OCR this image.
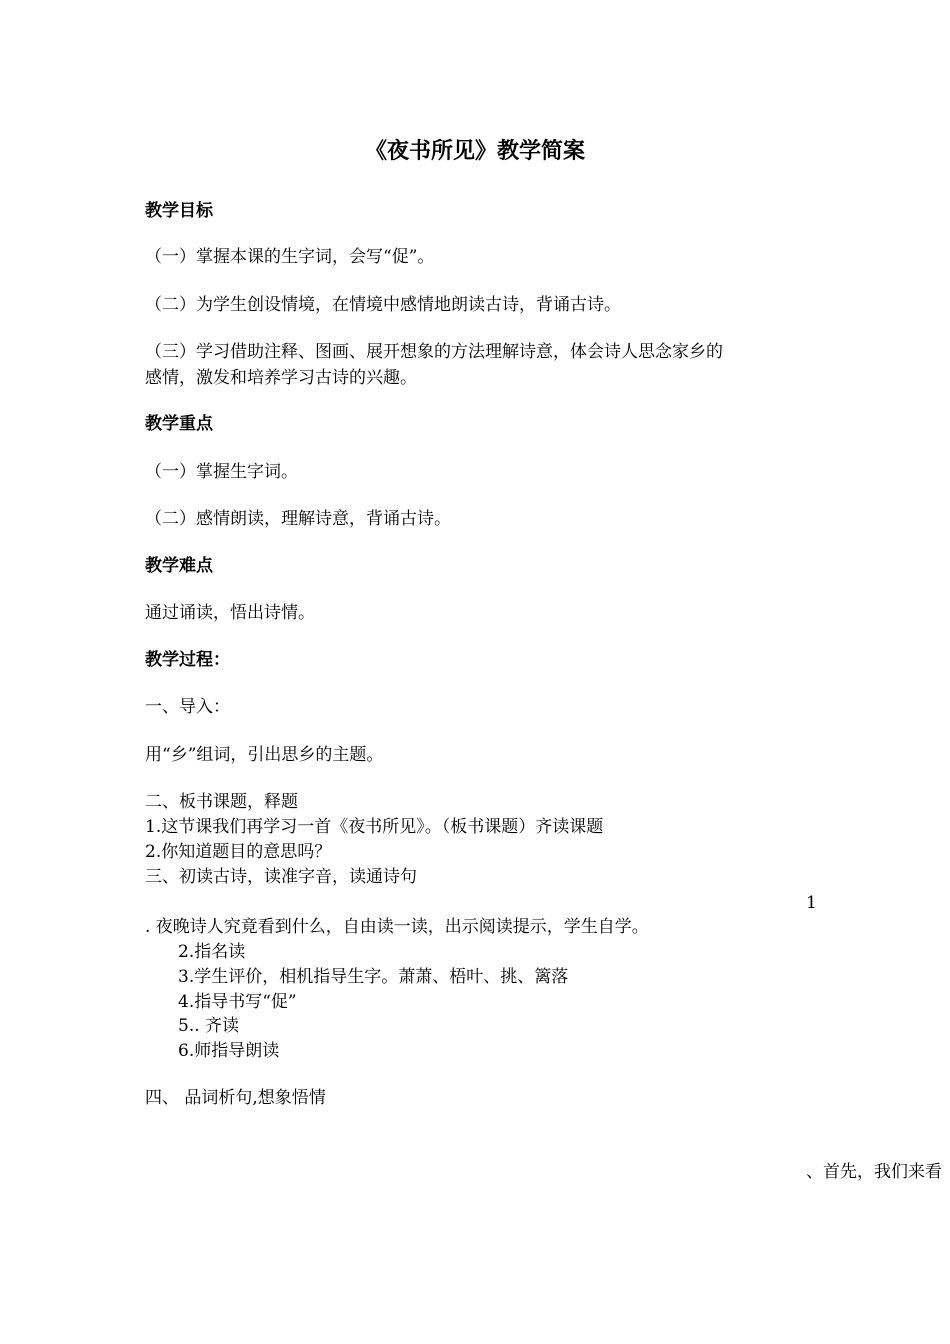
《夜书所见》教学简案

教学目标

（一）掌握本课的生字词，会写“促”。

（二）为学生创设情境，在情境中感情地朗读古诗，背诵古诗。

（三）学习借助注释、图画、展开想象的方法理解诗意，体会诗人思念家乡的

感情，激发和培养学习古诗的兴趣。

教学重点

（一）掌握生字词。

（二）感情朗读，理解诗意，背诵古诗。

教学难点

通过诵读，悟出诗情。

教学过程：

一、导入：

用“乡”组词，引出思乡的主题。

二、板书课题，释题

1.这节课我们再学习一首《夜书所见》。（板书课题）齐读课题

2.你知道题目的意思吗？

三、初读古诗，读准字音，读通诗句

1

. 夜晚诗人究竟看到什么，自由读一读，出示阅读提示，学生自学。

2.指名读

3.学生评价，相机指导生字。萧萧、梧叶、挑、篱落

4.指导书写“促”

5.. 齐读

6.师指导朗读

四、 品词析句,想象悟情

、首先，我们来看
